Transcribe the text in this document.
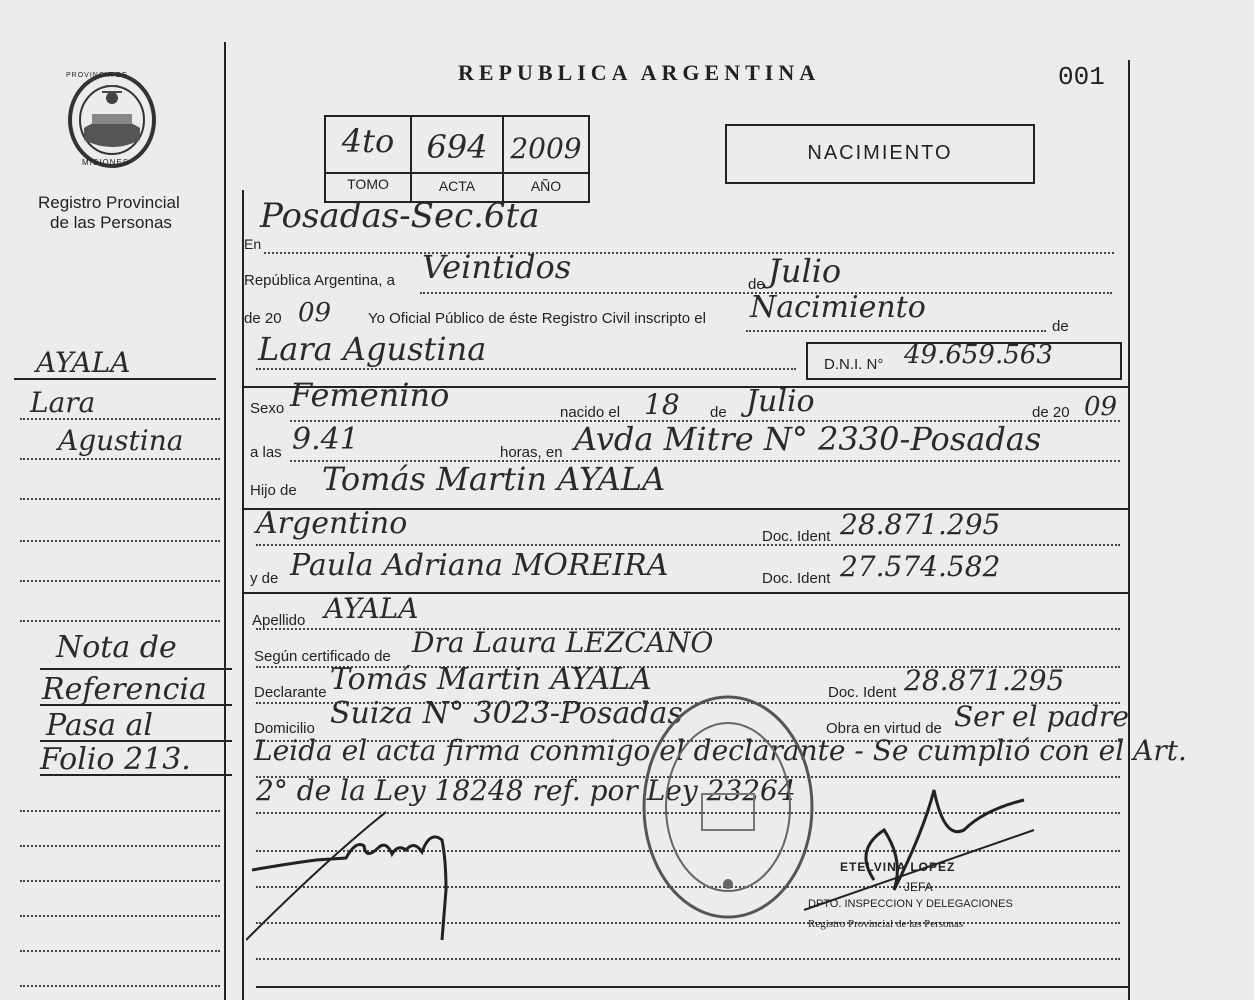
PROVINCIA DE
MISIONES
Registro Provincial
de las Personas
REPUBLICA ARGENTINA	001
4to	694 2009
TOMO	ACTA	AÑO
NACIMIENTO
AYALA
Lara
Agustina
Nota de
Referencia
Pasa al
Folio 213.
En
Posadas-Sec.6ta
República Argentina, a Veintidos	de Julio
de 20 09 Yo Oficial Público de éste Registro Civil inscripto el Nacimiento
de
Lara Agustina	D.N.I. N° 49.659.563
Sexo Femenino	nacido el 18 de Julio	de 20 09
a las 9.41	horas, en Avda Mitre N° 2330-Posadas
Hijo de Tomás Martin AYALA
Argentino	Doc. Ident 28.871.295
y de Paula Adriana MOREIRA	Doc. Ident 27.574.582
Apellido AYALA
Según certificado de Dra Laura LEZCANO
Declarante Tomás Martin AYALA	Doc. Ident 28.871.295
Domicilio Suiza N° 3023-Posadas	Obra en virtud de Ser el padre
Leida el acta firma conmigo el declarante - Se cumplió con el Art.
2° de la Ley 18248 ref. por Ley 23264
ETELVINA LOPEZ
JEFA
DPTO. INSPECCION Y DELEGACIONES
Registro Provincial de las Personas
